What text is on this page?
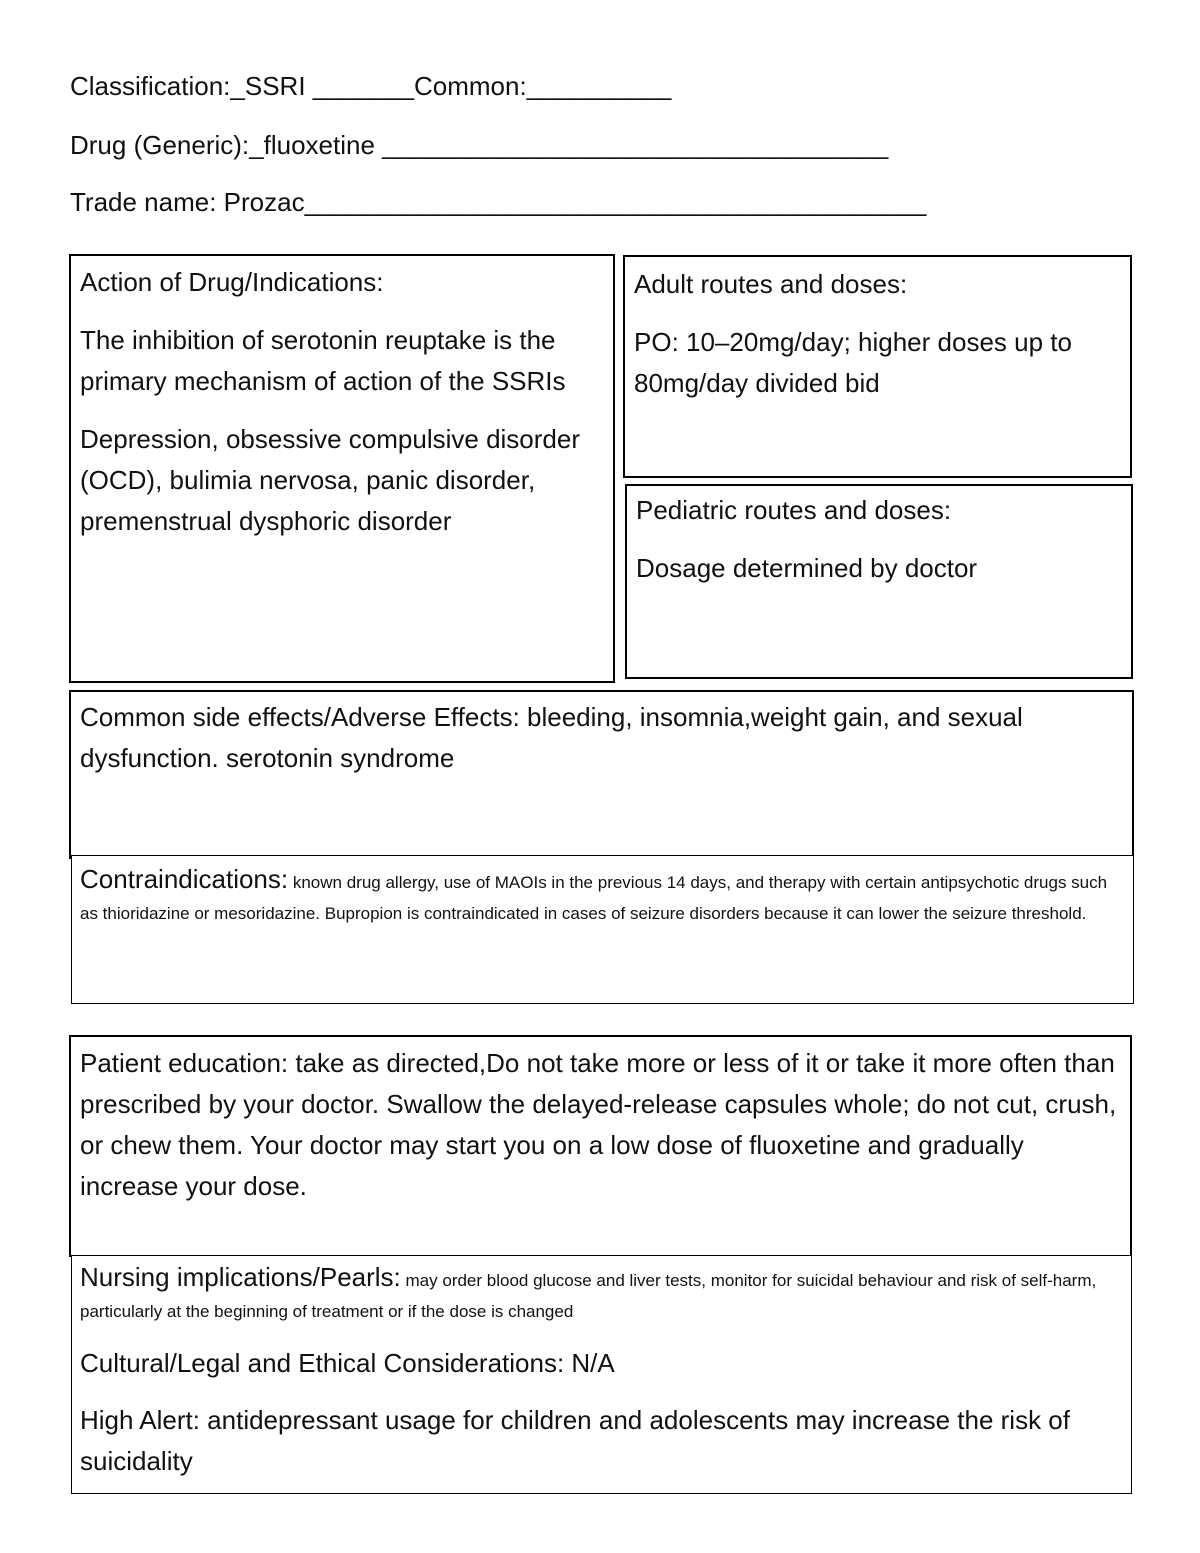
Classification:_SSRI _______Common:__________
Drug (Generic):_fluoxetine ___________________________________
Trade name: Prozac___________________________________________

Action of Drug/Indications:

The inhibition of serotonin reuptake is the primary mechanism of action of the SSRIs

Depression, obsessive compulsive disorder (OCD), bulimia nervosa, panic disorder, premenstrual dysphoric disorder

Adult routes and doses:

PO: 10–20mg/day; higher doses up to 80mg/day divided bid

Pediatric routes and doses:

Dosage determined by doctor

Common side effects/Adverse Effects: bleeding, insomnia,weight gain, and sexual dysfunction. serotonin syndrome

Contraindications: known drug allergy, use of MAOIs in the previous 14 days, and therapy with certain antipsychotic drugs such as thioridazine or mesoridazine. Bupropion is contraindicated in cases of seizure disorders because it can lower the seizure threshold.

Patient education: take as directed,Do not take more or less of it or take it more often than prescribed by your doctor. Swallow the delayed-release capsules whole; do not cut, crush, or chew them. Your doctor may start you on a low dose of fluoxetine and gradually increase your dose.

Nursing implications/Pearls: may order blood glucose and liver tests, monitor for suicidal behaviour and risk of self-harm, particularly at the beginning of treatment or if the dose is changed

Cultural/Legal and Ethical Considerations: N/A

High Alert: antidepressant usage for children and adolescents may increase the risk of suicidality
